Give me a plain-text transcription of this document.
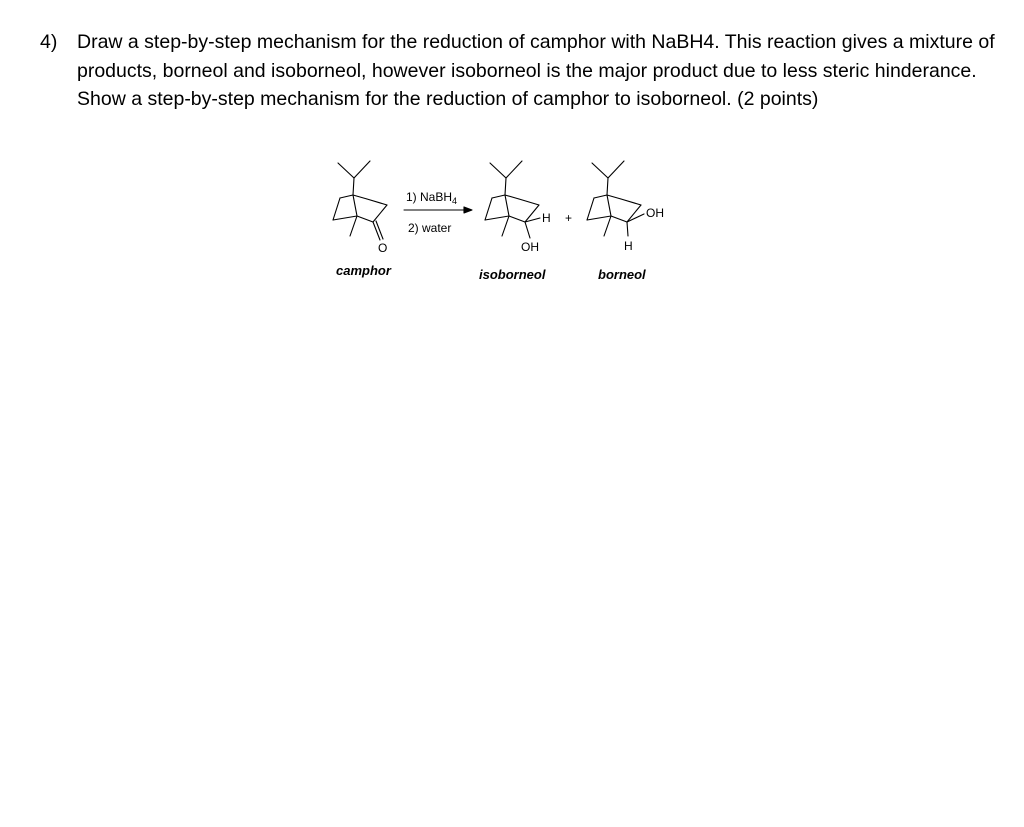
4) Draw a step-by-step mechanism for the reduction of camphor with NaBH4. This reaction gives a mixture of products, borneol and isoborneol, however isoborneol is the major product due to less steric hinderance. Show a step-by-step mechanism for the reduction of camphor to isoborneol. (2 points)
O
H
OH
OH
H
+
1) NaBH$_4$
2) water
camphor	isoborneol	borneol
